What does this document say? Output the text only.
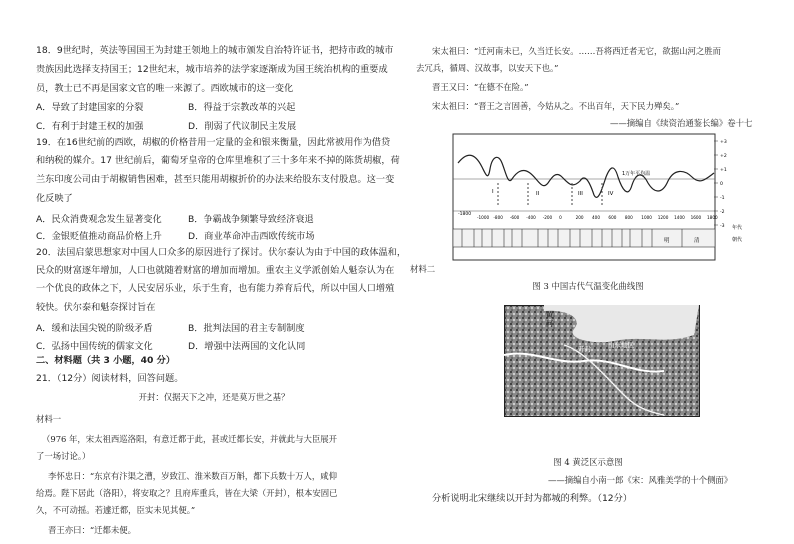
18．9世纪时，英法等国国王为封建王领地上的城市颁发自治特许证书，把持市政的城市
贵族因此选择支持国王；12世纪末，城市培养的法学家逐渐成为国王统治机构的重要成
员，教士已不再是国家文官的唯一来源了。西欧城市的这一变化
A．导致了封建国家的分裂	B．得益于宗教改革的兴起
C．有利于封建王权的加强	D．削弱了代议制民主发展
19．在16世纪前的西欧，胡椒的价格昔用一定量的金和银来衡量，因此常被用作为借贷
和纳税的媒介。17 世纪前后，葡萄牙皇帝的仓库里堆积了三十多年来不掉的陈货胡椒，荷
兰东印度公司由于胡椒销售困难，甚至只能用胡椒折价的办法来给股东支付股息。这一变
化反映了
A．民众消费观念发生显著变化	B．争霸战争频繁导致经济衰退
C．金银贬值推动商品价格上升	D．商业革命冲击西欧传统市场
20．法国启蒙思想家对中国人口众多的原因进行了探讨。伏尔泰认为由于中国的政体温和，
民众的财富逐年增加，人口也就随着财富的增加而增加。重农主义学派创始人魁奈认为在
一个优良的政体之下，人民安居乐业，乐于生育，也有能力养育后代，所以中国人口增殖
较快。伏尔泰和魁奈探讨旨在
A．缓和法国尖锐的阶级矛盾	B．批判法国的君主专制制度
C．弘扬中国传统的儒家文化	D．增强中法两国的文化认同
二、材料题（共 3 小题，40 分）
21．（12分）阅读材料，回答问题。
开封：仅据天下之冲，还是莫万世之基？
材料一
（976 年，宋太祖西巡洛阳，有意迁都于此，甚或迁都长安，并就此与大臣展开
了一场讨论。）
李怀忠日：“东京有汴渠之漕，岁致江、淮米数百万斛，都下兵数十万人，咸仰
给焉。陛下居此（洛阳），将安取之？且府库重兵，皆在大梁（开封），根本安固已
久，不可动摇。若遽迁都，臣实未见其便。”
晋王亦曰：“迁都未便。
宋太祖曰：“迁河南未已，久当迁长安。……吾将西迁者无它，欲据山河之胜而
去冗兵，循周、汉故事，以安天下也。”
晋王又曰：“在德不在险。”
宋太祖曰：“晋王之言固善，今姑从之。不出百年，天下民力殚矣。”
——摘编自《续资治通鉴长编》卷十七
+3
+2
+1
0
-1
-2
-3
-1000 -800 -600 -400 -200 0	200 400 600 800 1000 1200 1400 1600 1800
-1800
1万年平均温
I	II	III	IV
年代
朝代
明	清
材料二
图 3 中国古代气温变化曲线图
黄
河
开封	山东地区
图 4 黄泛区示意图
——摘编自小南一郎《宋：风雅美学的十个侧面》
分析说明北宋继续以开封为都城的利弊。（12分）
